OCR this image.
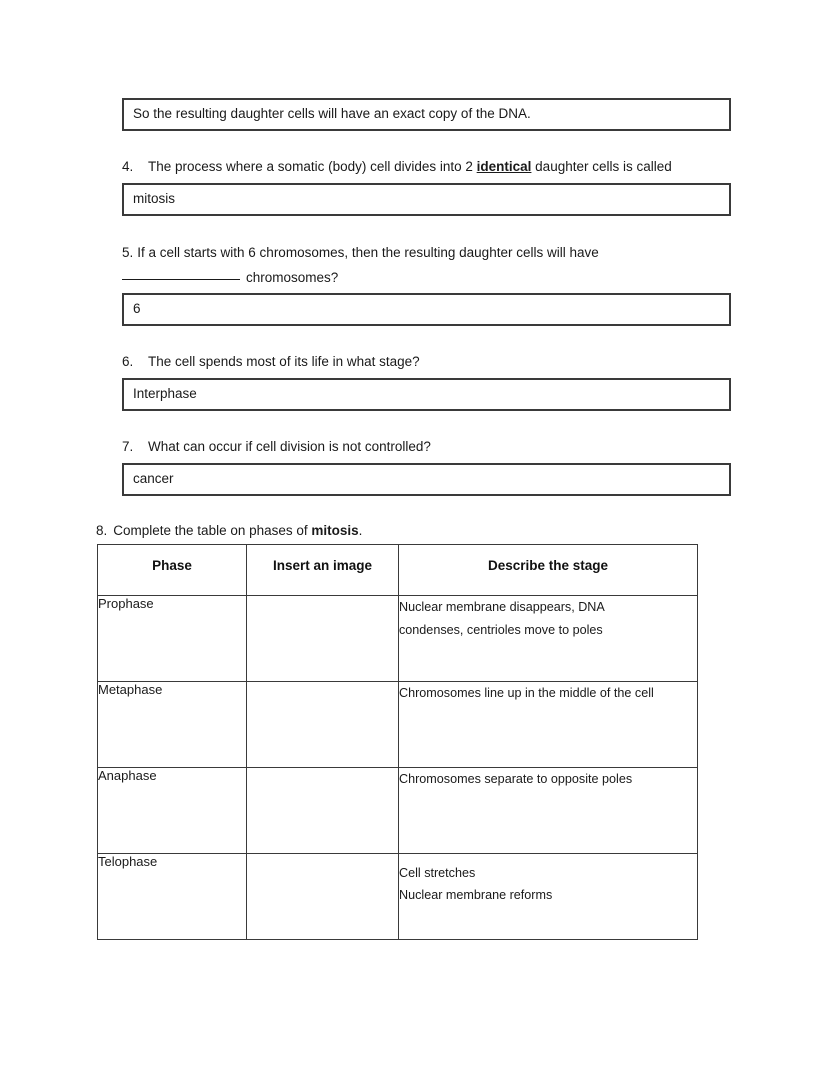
So the resulting daughter cells will have an exact copy of the DNA.
4. The process where a somatic (body) cell divides into 2 identical daughter cells is called
mitosis
5. If a cell starts with 6 chromosomes, then the resulting daughter cells will have
chromosomes?
6
6. The cell spends most of its life in what stage?
Interphase
7. What can occur if cell division is not controlled?
cancer
8. Complete the table on phases of mitosis.
Phase	Insert an image	Describe the stage
Prophase		Nuclear membrane disappears, DNA
condenses, centrioles move to poles

Metaphase		Chromosomes line up in the middle of the cell

Anaphase		Chromosomes separate to opposite poles

Telophase		Cell stretches
Nuclear membrane reforms
